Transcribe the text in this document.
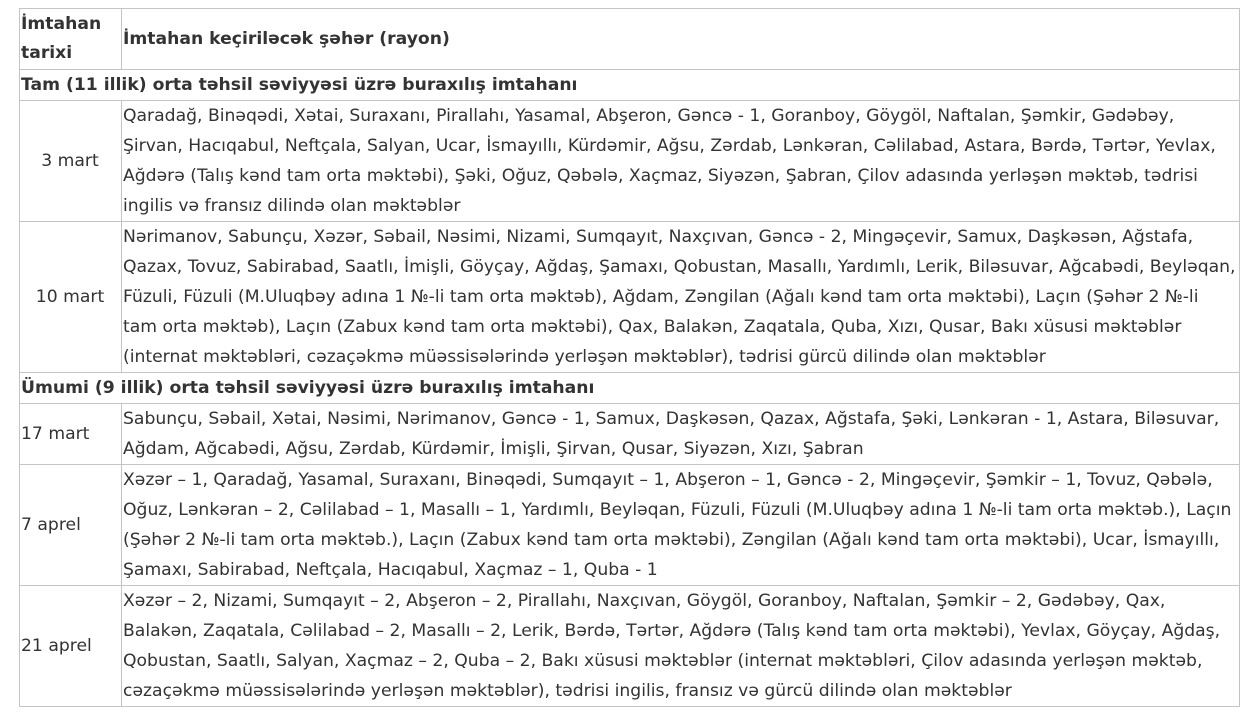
İmtahan tarixi	İmtahan keçiriləcək şəhər (rayon)
Tam (11 illik) orta təhsil səviyyəsi üzrə buraxılış imtahanı	
3 mart	Qaradağ, Binəqədi, Xətai, Suraxanı, Pirallahı, Yasamal, Abşeron, Gəncə - 1, Goranboy, Göygöl, Naftalan, Şəmkir, Gədəbəy, Şirvan, Hacıqabul, Neftçala, Salyan, Ucar, İsmayıllı, Kürdəmir, Ağsu, Zərdab, Lənkəran, Cəlilabad, Astara, Bərdə, Tərtər, Yevlax, Ağdərə (Talış kənd tam orta məktəbi), Şəki, Oğuz, Qəbələ, Xaçmaz, Siyəzən, Şabran, Çilov adasında yerləşən məktəb, tədrisi ingilis və fransız dilində olan məktəblər
10 mart	Nərimanov, Sabunçu, Xəzər, Səbail, Nəsimi, Nizami, Sumqayıt, Naxçıvan, Gəncə - 2, Mingəçevir, Samux, Daşkəsən, Ağstafa, Qazax, Tovuz, Sabirabad, Saatlı, İmişli, Göyçay, Ağdaş, Şamaxı, Qobustan, Masallı, Yardımlı, Lerik, Biləsuvar, Ağcabədi, Beyləqan, Füzuli, Füzuli (M.Uluqbəy adına 1 №-li tam orta məktəb), Ağdam, Zəngilan (Ağalı kənd tam orta məktəbi), Laçın (Şəhər 2 №-li tam orta məktəb), Laçın (Zabux kənd tam orta məktəbi), Qax, Balakən, Zaqatala, Quba, Xızı, Qusar, Bakı xüsusi məktəblər (internat məktəbləri, cəzaçəkmə müəssisələrində yerləşən məktəblər), tədrisi gürcü dilində olan məktəblər
Ümumi (9 illik) orta təhsil səviyyəsi üzrə buraxılış imtahanı	
17 mart	Sabunçu, Səbail, Xətai, Nəsimi, Nərimanov, Gəncə - 1, Samux, Daşkəsən, Qazax, Ağstafa, Şəki, Lənkəran - 1, Astara, Biləsuvar, Ağdam, Ağcabədi, Ağsu, Zərdab, Kürdəmir, İmişli, Şirvan, Qusar, Siyəzən, Xızı, Şabran
7 aprel	Xəzər – 1, Qaradağ, Yasamal, Suraxanı, Binəqədi, Sumqayıt – 1, Abşeron – 1, Gəncə - 2, Mingəçevir, Şəmkir – 1, Tovuz, Qəbələ, Oğuz, Lənkəran – 2, Cəlilabad – 1, Masallı – 1, Yardımlı, Beyləqan, Füzuli, Füzuli (M.Uluqbəy adına 1 №-li tam orta məktəb.), Laçın (Şəhər 2 №-li tam orta məktəb.), Laçın (Zabux kənd tam orta məktəbi), Zəngilan (Ağalı kənd tam orta məktəbi), Ucar, İsmayıllı, Şamaxı, Sabirabad, Neftçala, Hacıqabul, Xaçmaz – 1, Quba - 1
21 aprel	Xəzər – 2, Nizami, Sumqayıt – 2, Abşeron – 2, Pirallahı, Naxçıvan, Göygöl, Goranboy, Naftalan, Şəmkir – 2, Gədəbəy, Qax, Balakən, Zaqatala, Cəlilabad – 2, Masallı – 2, Lerik, Bərdə, Tərtər, Ağdərə (Talış kənd tam orta məktəbi), Yevlax, Göyçay, Ağdaş, Qobustan, Saatlı, Salyan, Xaçmaz – 2, Quba – 2, Bakı xüsusi məktəblər (internat məktəbləri, Çilov adasında yerləşən məktəb, cəzaçəkmə müəssisələrində yerləşən məktəblər), tədrisi ingilis, fransız və gürcü dilində olan məktəblər
